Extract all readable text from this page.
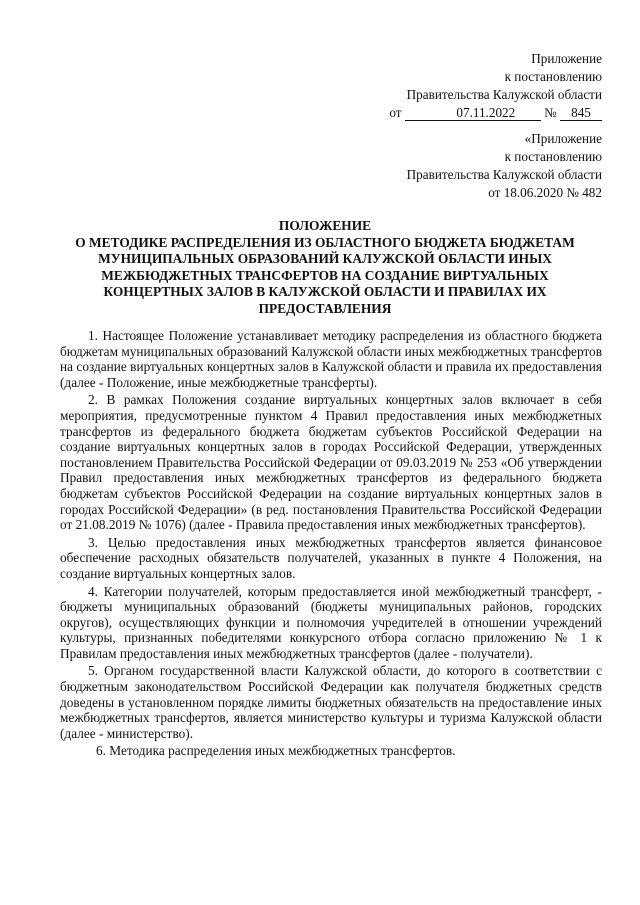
Приложение
к постановлению
Правительства Калужской области
от	07.11.2022 № 845
«Приложение
к постановлению
Правительства Калужской области
от 18.06.2020 № 482
ПОЛОЖЕНИЕ
О МЕТОДИКЕ РАСПРЕДЕЛЕНИЯ ИЗ ОБЛАСТНОГО БЮДЖЕТА БЮДЖЕТАМ
МУНИЦИПАЛЬНЫХ ОБРАЗОВАНИЙ КАЛУЖСКОЙ ОБЛАСТИ ИНЫХ
МЕЖБЮДЖЕТНЫХ ТРАНСФЕРТОВ НА СОЗДАНИЕ ВИРТУАЛЬНЫХ
КОНЦЕРТНЫХ ЗАЛОВ В КАЛУЖСКОЙ ОБЛАСТИ И ПРАВИЛАХ ИХ
ПРЕДОСТАВЛЕНИЯ

1. Настоящее Положение устанавливает методику распределения из областного бюджета бюджетам муниципальных образований Калужской области иных межбюджетных трансфертов на создание виртуальных концертных залов в Калужской области и правила их предоставления (далее - Положение, иные межбюджетные трансферты).

2. В рамках Положения создание виртуальных концертных залов включает в себя мероприятия, предусмотренные пунктом 4 Правил предоставления иных межбюджетных трансфертов из федерального бюджета бюджетам субъектов Российской Федерации на создание виртуальных концертных залов в городах Российской Федерации, утвержденных постановлением Правительства Российской Федерации от 09.03.2019 № 253 «Об утверждении Правил предоставления иных межбюджетных трансфертов из федерального бюджета бюджетам субъектов Российской Федерации на создание виртуальных концертных залов в городах Российской Федерации» (в ред. постановления Правительства Российской Федерации от 21.08.2019 № 1076) (далее - Правила предоставления иных межбюджетных трансфертов).

3. Целью предоставления иных межбюджетных трансфертов является финансовое обеспечение расходных обязательств получателей, указанных в пункте 4 Положения, на создание виртуальных концертных залов.

4. Категории получателей, которым предоставляется иной межбюджетный трансферт, - бюджеты муниципальных образований (бюджеты муниципальных районов, городских округов), осуществляющих функции и полномочия учредителей в отношении учреждений культуры, признанных победителями конкурсного отбора согласно приложению № 1 к Правилам предоставления иных межбюджетных трансфертов (далее - получатели).

5. Органом государственной власти Калужской области, до которого в соответствии с бюджетным законодательством Российской Федерации как получателя бюджетных средств доведены в установленном порядке лимиты бюджетных обязательств на предоставление иных межбюджетных трансфертов, является министерство культуры и туризма Калужской области (далее - министерство).

6. Методика распределения иных межбюджетных трансфертов.
